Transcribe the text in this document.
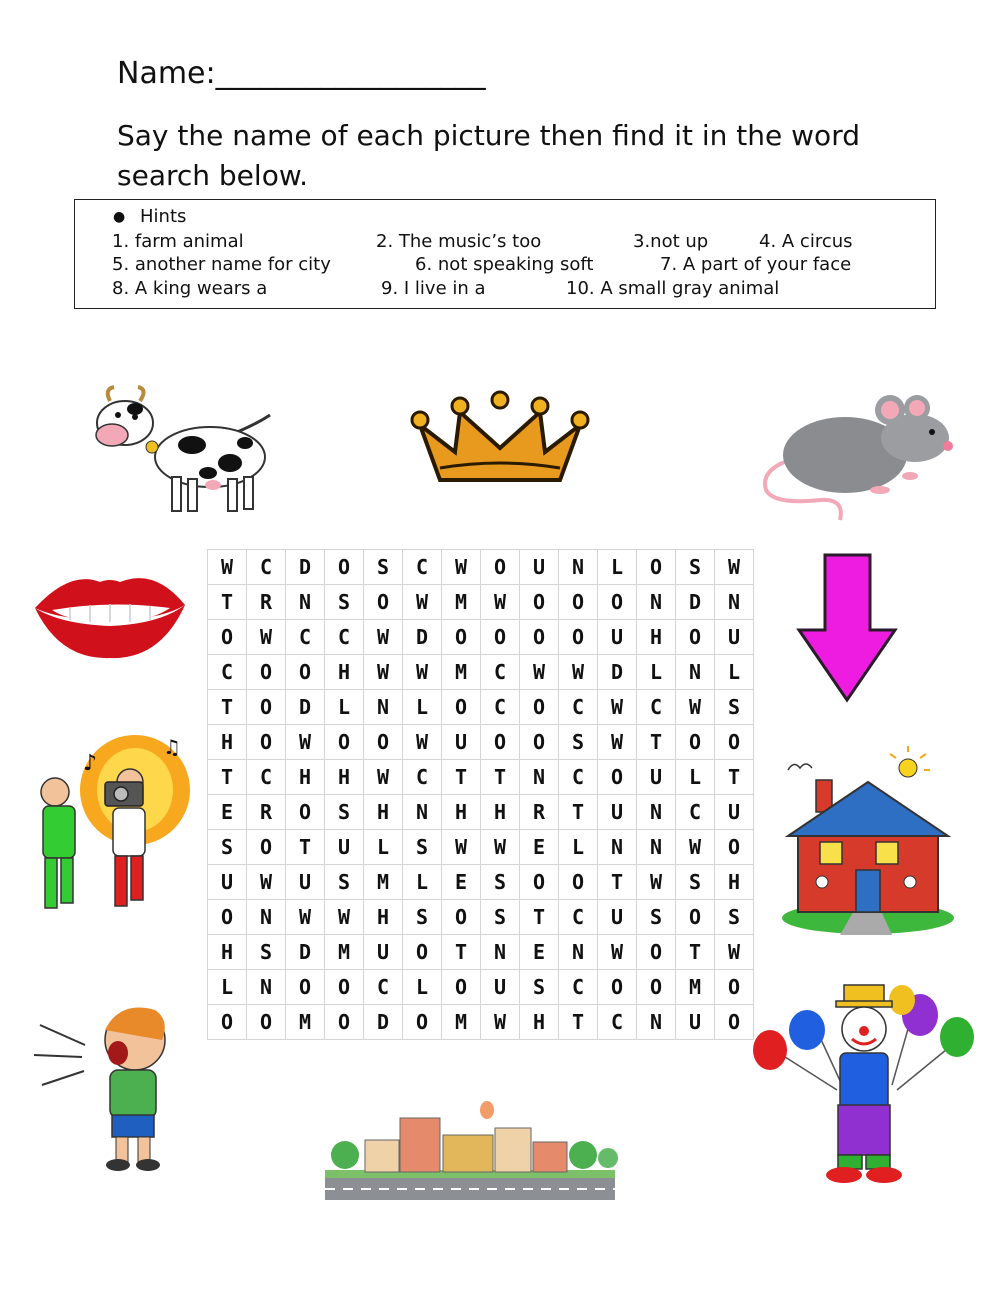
Name:__________________
Say the name of each picture then find it in the word search below.
● Hints
1. farm animal	2. The music’s too	3.not up	4. A circus
5. another name for city	6. not speaking soft	7. A part of your face
8. A king wears a	9. I live in a	10. A small gray animal
W	C	D	O	S	C	W	O	U	N	L	O	S	W
T	R	N	S	O	W	M	W	O	O	O	N	D	N
O	W	C	C	W	D	O	O	O	O	U	H	O	U
C	O	O	H	W	W	M	C	W	W	D	L	N	L
T	O	D	L	N	L	O	C	O	C	W	C	W	S
H	O	W	O	O	W	U	O	O	S	W	T	O	O
T	C	H	H	W	C	T	T	N	C	O	U	L	T
E	R	O	S	H	N	H	H	R	T	U	N	C	U
S	O	T	U	L	S	W	W	E	L	N	N	W	O
U	W	U	S	M	L	E	S	O	O	T	W	S	H
O	N	W	W	H	S	O	S	T	C	U	S	O	S
H	S	D	M	U	O	T	N	E	N	W	O	T	W
L	N	O	O	C	L	O	U	S	C	O	O	M	O
O	O	M	O	D	O	M	W	H	T	C	N	U	O
♪
♫
